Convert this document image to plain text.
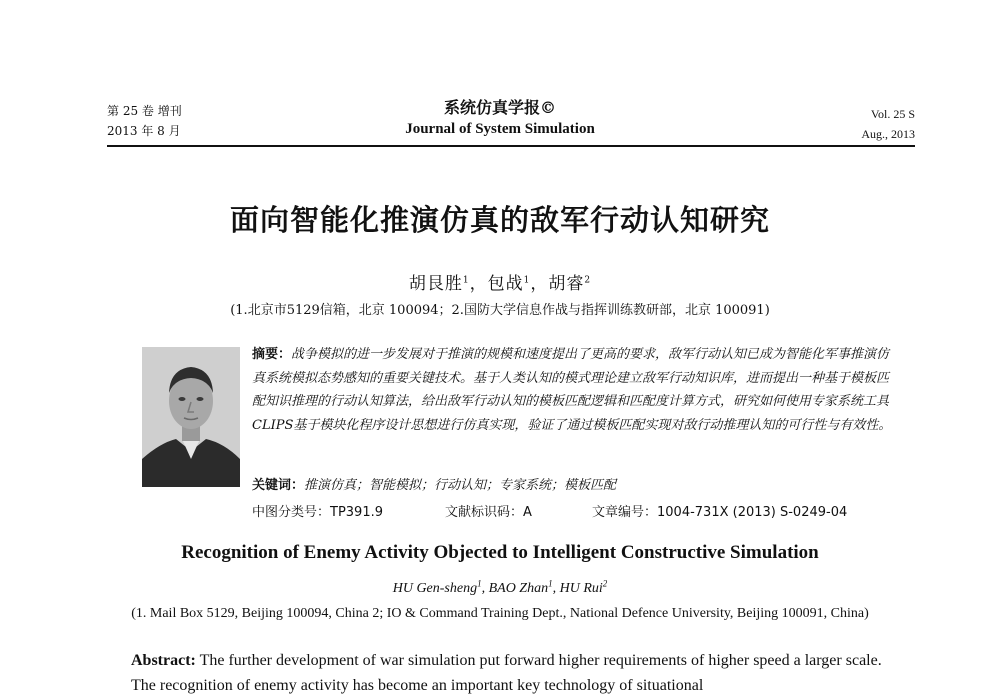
第 25 卷 增刊
2013 年 8 月
系统仿真学报©
Journal of System Simulation
Vol. 25 S
Aug., 2013
面向智能化推演仿真的敌军行动认知研究
胡艮胜$^1$，包战$^1$，胡睿$^2$
(1.北京市5129信箱，北京 100094；2.国防大学信息作战与指挥训练教研部，北京 100091)
摘要：战争模拟的进一步发展对于推演的规模和速度提出了更高的要求，敌军行动认知已成为智能化军事推演仿真系统模拟态势感知的重要关键技术。基于人类认知的模式理论建立敌军行动知识库，进而提出一种基于模板匹配知识推理的行动认知算法，给出敌军行动认知的模板匹配逻辑和匹配度计算方式，研究如何使用专家系统工具CLIPS基于模块化程序设计思想进行仿真实现，验证了通过模板匹配实现对敌行动推理认知的可行性与有效性。
关键词：推演仿真；智能模拟；行动认知；专家系统；模板匹配
中图分类号：TP391.9	文献标识码：A	文章编号：1004-731X (2013) S-0249-04
Recognition of Enemy Activity Objected to Intelligent Constructive Simulation
HU Gen-sheng$^1$, BAO Zhan$^1$, HU Rui$^2$
(1. Mail Box 5129, Beijing 100094, China 2; IO & Command Training Dept., National Defence University, Beijing 100091, China)
Abstract: The further development of war simulation put forward higher requirements of higher speed a larger scale. The recognition of enemy activity has become an important key technology of situational
